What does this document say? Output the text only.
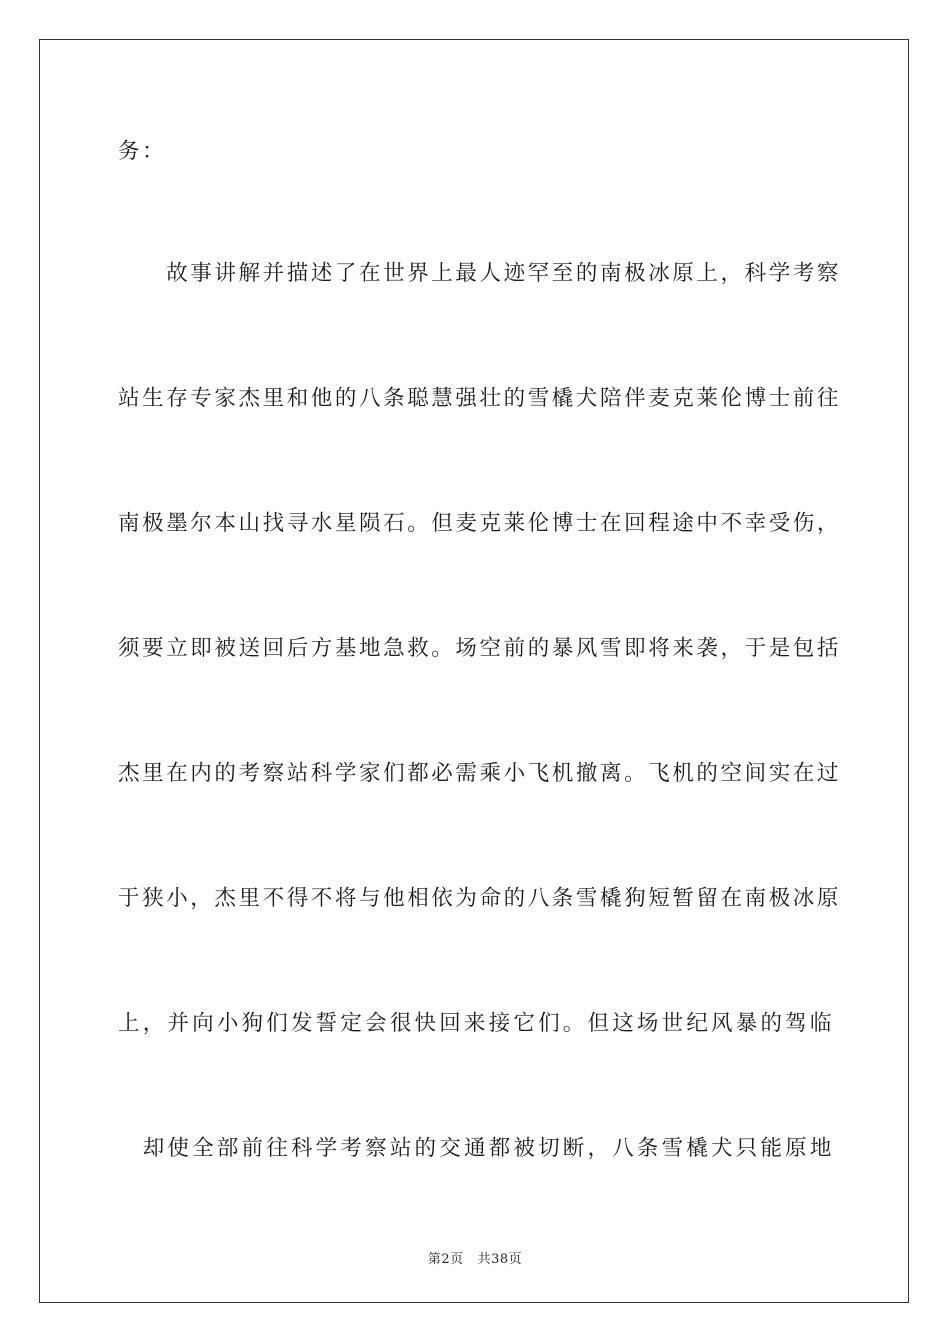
务：
　　故事讲解并描述了在世界上最人迹罕至的南极冰原上，科学考察
站生存专家杰里和他的八条聪慧强壮的雪橇犬陪伴麦克莱伦博士前往
南极墨尔本山找寻水星陨石。但麦克莱伦博士在回程途中不幸受伤，
须要立即被送回后方基地急救。场空前的暴风雪即将来袭，于是包括
杰里在内的考察站科学家们都必需乘小飞机撤离。飞机的空间实在过
于狭小，杰里不得不将与他相依为命的八条雪橇狗短暂留在南极冰原
上，并向小狗们发誓定会很快回来接它们。但这场世纪风暴的驾临
　却使全部前往科学考察站的交通都被切断，八条雪橇犬只能原地
第2页 共38页
